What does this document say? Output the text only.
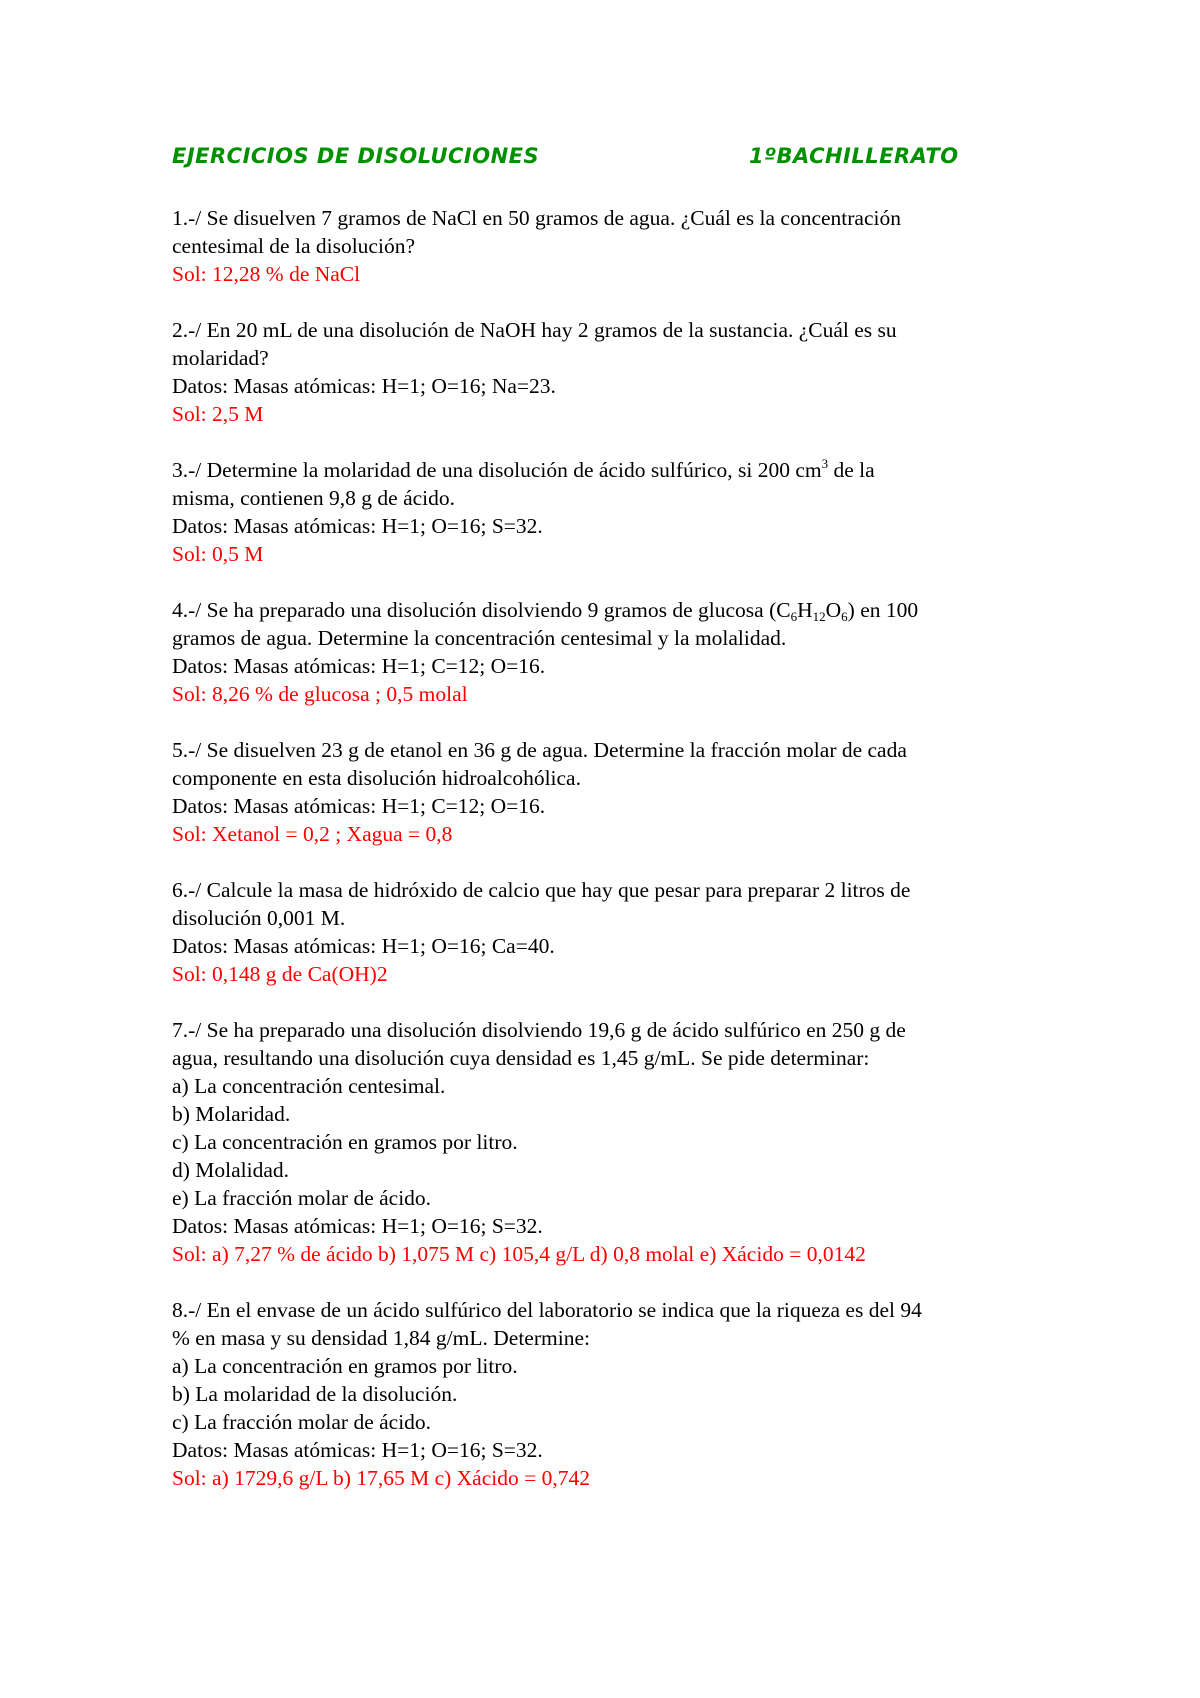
EJERCICIOS DE DISOLUCIONES	1ºBACHILLERATO
1.-/ Se disuelven 7 gramos de NaCl en 50 gramos de agua. ¿Cuál es la concentración
centesimal de la disolución?
Sol: 12,28 % de NaCl
2.-/ En 20 mL de una disolución de NaOH hay 2 gramos de la sustancia. ¿Cuál es su
molaridad?
Datos: Masas atómicas: H=1; O=16; Na=23.
Sol: 2,5 M
3.-/ Determine la molaridad de una disolución de ácido sulfúrico, si 200 $cm^3$ de la
misma, contienen 9,8 g de ácido.
Datos: Masas atómicas: H=1; O=16; S=32.
Sol: 0,5 M
4.-/ Se ha preparado una disolución disolviendo 9 gramos de glucosa $(C_6H_{12}O_6)$ en 100
gramos de agua. Determine la concentración centesimal y la molalidad.
Datos: Masas atómicas: H=1; C=12; O=16.
Sol: 8,26 % de glucosa ; 0,5 molal
5.-/ Se disuelven 23 g de etanol en 36 g de agua. Determine la fracción molar de cada
componente en esta disolución hidroalcohólica.
Datos: Masas atómicas: H=1; C=12; O=16.
Sol: Xetanol = 0,2 ; Xagua = 0,8
6.-/ Calcule la masa de hidróxido de calcio que hay que pesar para preparar 2 litros de
disolución 0,001 M.
Datos: Masas atómicas: H=1; O=16; Ca=40.
Sol: 0,148 g de Ca(OH)2
7.-/ Se ha preparado una disolución disolviendo 19,6 g de ácido sulfúrico en 250 g de
agua, resultando una disolución cuya densidad es 1,45 g/mL. Se pide determinar:
a) La concentración centesimal.
b) Molaridad.
c) La concentración en gramos por litro.
d) Molalidad.
e) La fracción molar de ácido.
Datos: Masas atómicas: H=1; O=16; S=32.
Sol: a) 7,27 % de ácido b) 1,075 M c) 105,4 g/L d) 0,8 molal e) Xácido = 0,0142
8.-/ En el envase de un ácido sulfúrico del laboratorio se indica que la riqueza es del 94
% en masa y su densidad 1,84 g/mL. Determine:
a) La concentración en gramos por litro.
b) La molaridad de la disolución.
c) La fracción molar de ácido.
Datos: Masas atómicas: H=1; O=16; S=32.
Sol: a) 1729,6 g/L b) 17,65 M c) Xácido = 0,742
